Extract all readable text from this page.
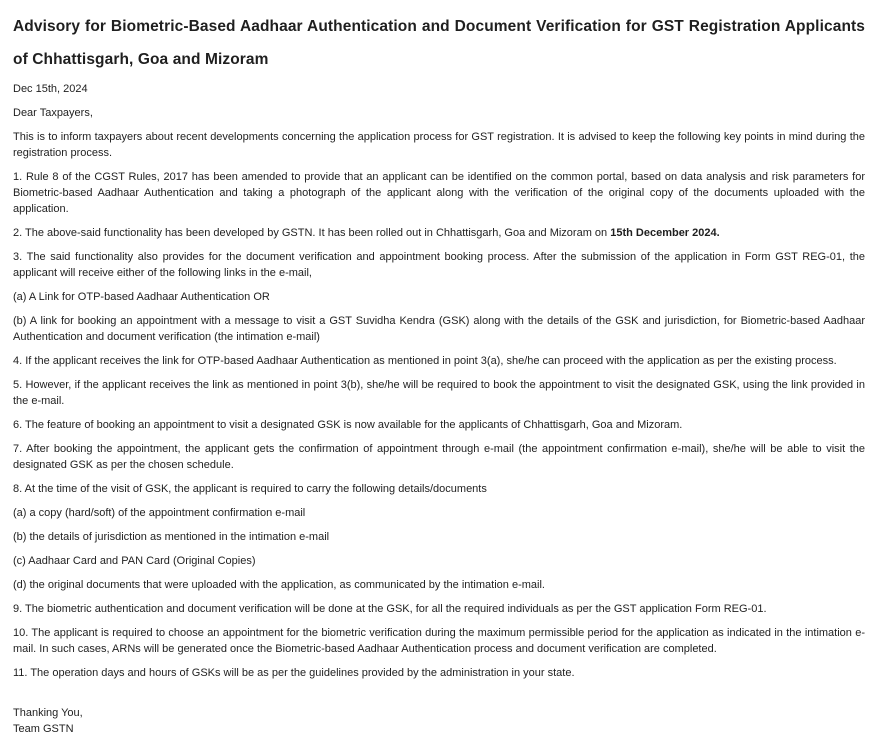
Advisory for Biometric-Based Aadhaar Authentication and Document Verification for GST Registration Applicants of Chhattisgarh, Goa and Mizoram
Dec 15th, 2024

Dear Taxpayers,

This is to inform taxpayers about recent developments concerning the application process for GST registration. It is advised to keep the following key points in mind during the registration process.

1. Rule 8 of the CGST Rules, 2017 has been amended to provide that an applicant can be identified on the common portal, based on data analysis and risk parameters for Biometric-based Aadhaar Authentication and taking a photograph of the applicant along with the verification of the original copy of the documents uploaded with the application.

2. The above-said functionality has been developed by GSTN. It has been rolled out in Chhattisgarh, Goa and Mizoram on 15th December 2024.

3. The said functionality also provides for the document verification and appointment booking process. After the submission of the application in Form GST REG-01, the applicant will receive either of the following links in the e-mail,

(a) A Link for OTP-based Aadhaar Authentication OR

(b) A link for booking an appointment with a message to visit a GST Suvidha Kendra (GSK) along with the details of the GSK and jurisdiction, for Biometric-based Aadhaar Authentication and document verification (the intimation e-mail)

4. If the applicant receives the link for OTP-based Aadhaar Authentication as mentioned in point 3(a), she/he can proceed with the application as per the existing process.

5. However, if the applicant receives the link as mentioned in point 3(b), she/he will be required to book the appointment to visit the designated GSK, using the link provided in the e-mail.

6. The feature of booking an appointment to visit a designated GSK is now available for the applicants of Chhattisgarh, Goa and Mizoram.

7. After booking the appointment, the applicant gets the confirmation of appointment through e-mail (the appointment confirmation e-mail), she/he will be able to visit the designated GSK as per the chosen schedule.

8. At the time of the visit of GSK, the applicant is required to carry the following details/documents

(a) a copy (hard/soft) of the appointment confirmation e-mail

(b) the details of jurisdiction as mentioned in the intimation e-mail

(c) Aadhaar Card and PAN Card (Original Copies)

(d) the original documents that were uploaded with the application, as communicated by the intimation e-mail.

9. The biometric authentication and document verification will be done at the GSK, for all the required individuals as per the GST application Form REG-01.

10. The applicant is required to choose an appointment for the biometric verification during the maximum permissible period for the application as indicated in the intimation e-mail. In such cases, ARNs will be generated once the Biometric-based Aadhaar Authentication process and document verification are completed.

11. The operation days and hours of GSKs will be as per the guidelines provided by the administration in your state.

Thanking You,
Team GSTN
